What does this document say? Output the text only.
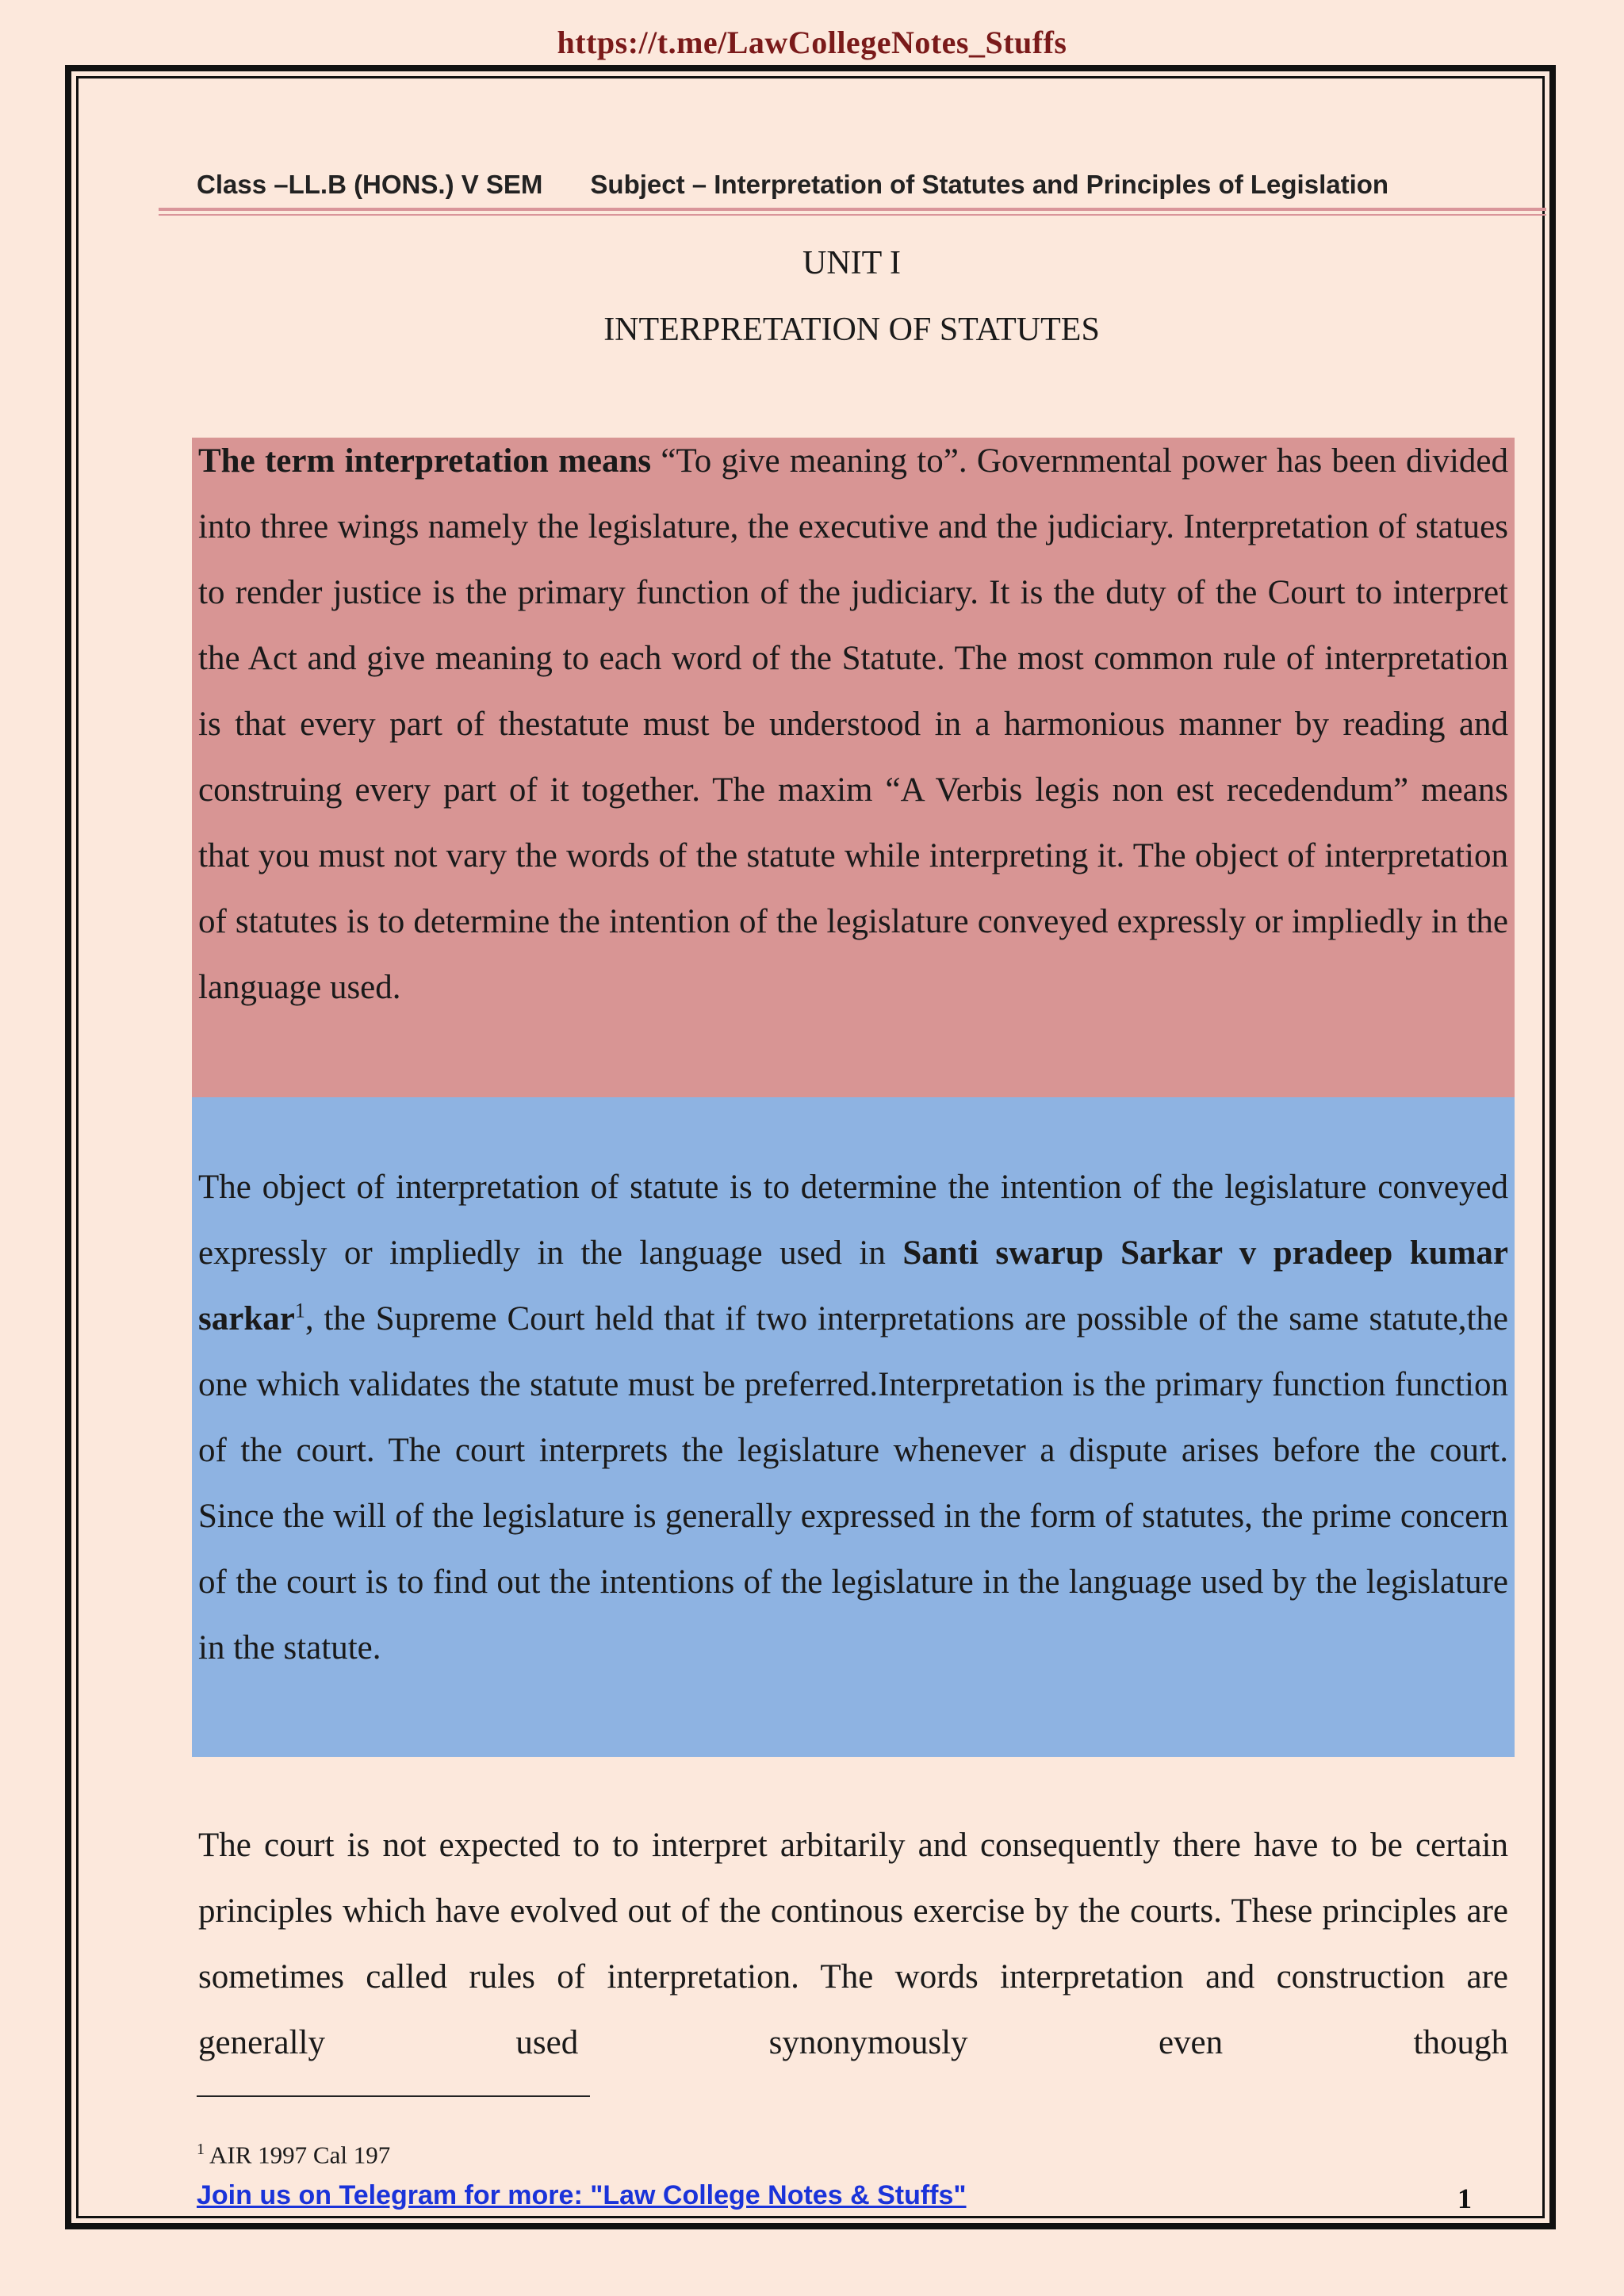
https://t.me/LawCollegeNotes_Stuffs
Class –LL.B (HONS.) V SEM Subject – Interpretation of Statutes and Principles of Legislation
UNIT I
INTERPRETATION OF STATUTES
The term interpretation means “To give meaning to”. Governmental power has been divided into three wings namely the legislature, the executive and the judiciary. Interpretation of statues to render justice is the primary function of the judiciary. It is the duty of the Court to interpret the Act and give meaning to each word of the Statute. The most common rule of interpretation is that every part of thestatute must be understood in a harmonious manner by reading and construing every part of it together. The maxim “A Verbis legis non est recedendum” means that you must not vary the words of the statute while interpreting it. The object of interpretation of statutes is to determine the intention of the legislature conveyed expressly or impliedly in the language used.
The object of interpretation of statute is to determine the intention of the legislature conveyed expressly or impliedly in the language used in Santi swarup Sarkar v pradeep kumar sarkar$^1$, the Supreme Court held that if two interpretations are possible of the same statute,the one which validates the statute must be preferred.Interpretation is the primary function function of the court. The court interprets the legislature whenever a dispute arises before the court. Since the will of the legislature is generally expressed in the form of statutes, the prime concern of the court is to find out the intentions of the legislature in the language used by the legislature in the statute.
The court is not expected to to interpret arbitarily and consequently there have to be certain principles which have evolved out of the continous exercise by the courts. These principles are sometimes called rules of interpretation. The words interpretation and construction are generally used synonymously even though
$^1$ AIR 1997 Cal 197
Join us on Telegram for more: "Law College Notes & Stuffs"	1
